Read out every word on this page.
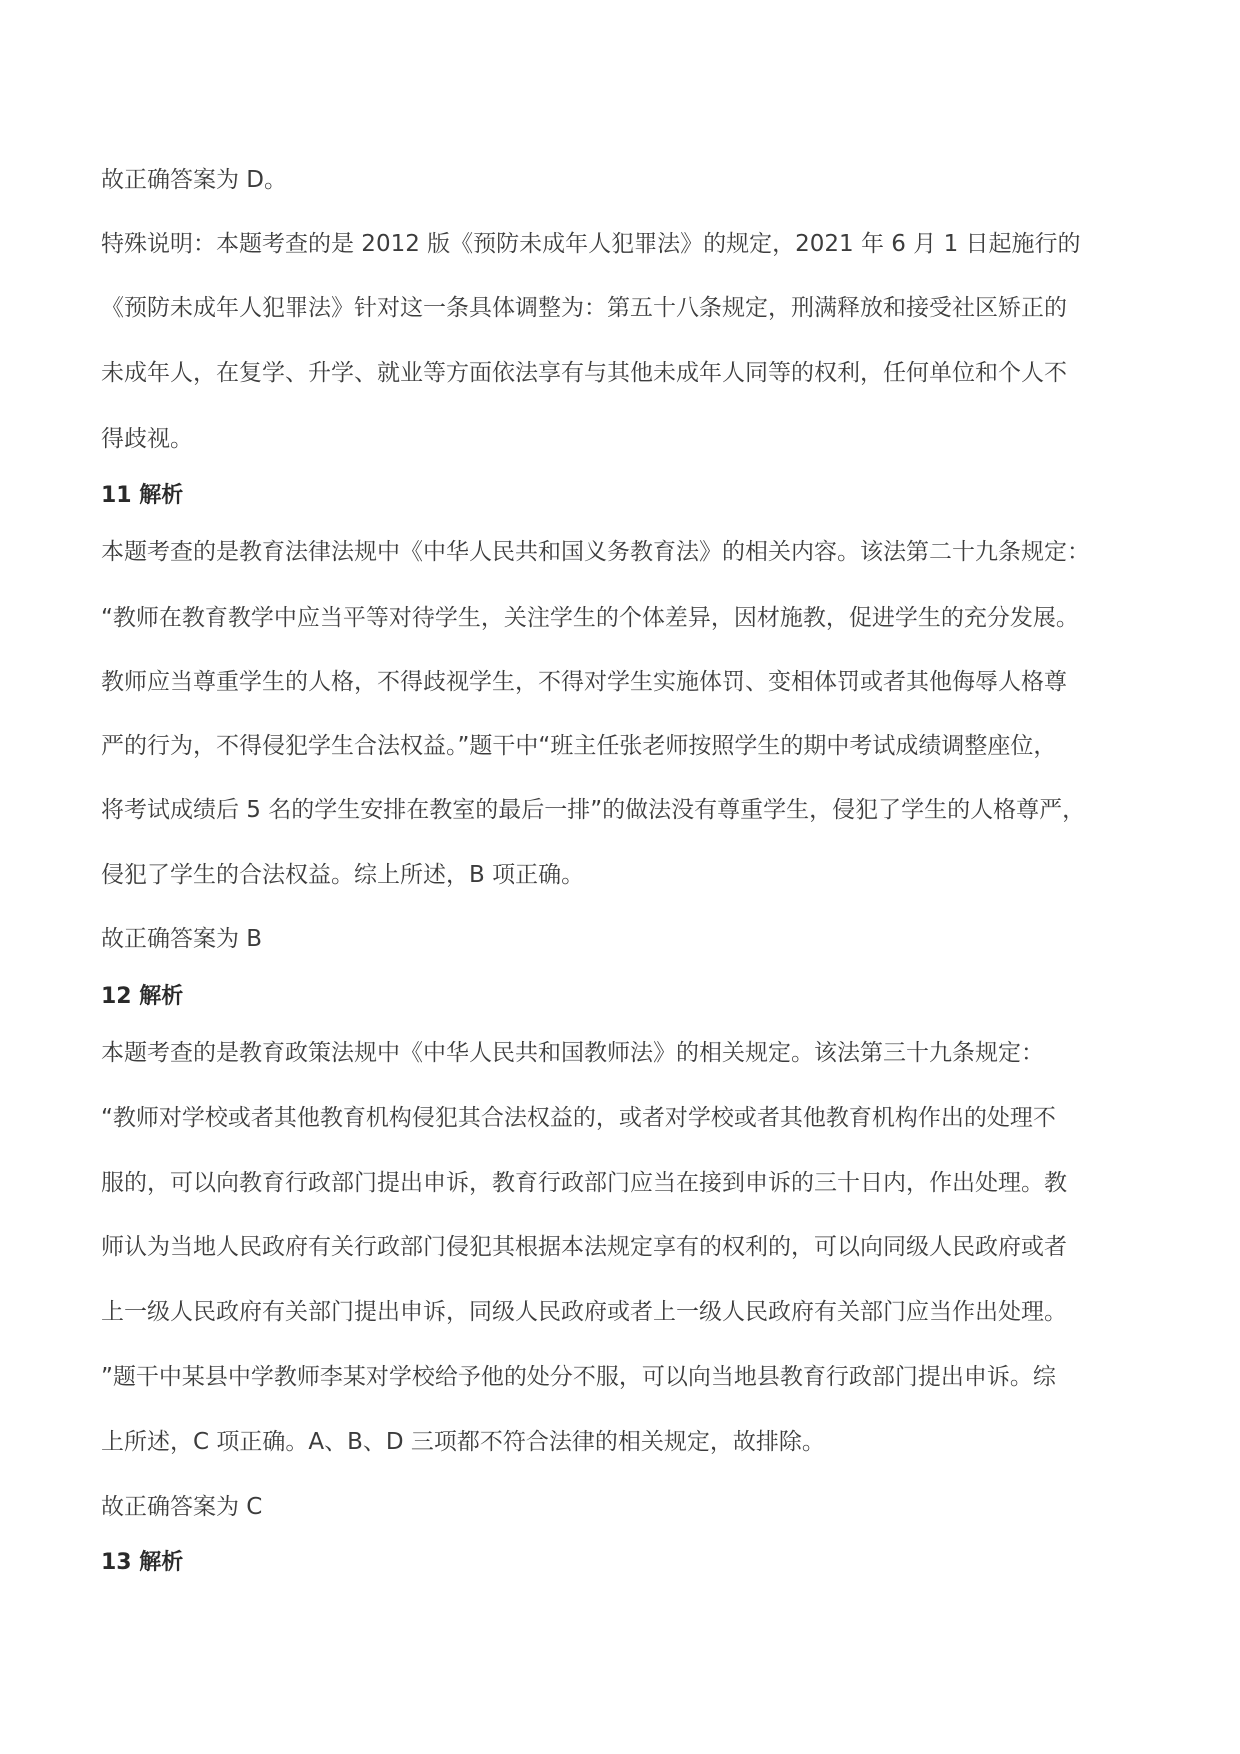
故正确答案为 D。
特殊说明：本题考查的是 2012 版《预防未成年人犯罪法》的规定，2021 年 6 月 1 日起施行的
《预防未成年人犯罪法》针对这一条具体调整为：第五十八条规定，刑满释放和接受社区矫正的
未成年人，在复学、升学、就业等方面依法享有与其他未成年人同等的权利，任何单位和个人不
得歧视。
11 解析
本题考查的是教育法律法规中《中华人民共和国义务教育法》的相关内容。该法第二十九条规定：
“教师在教育教学中应当平等对待学生，关注学生的个体差异，因材施教，促进学生的充分发展。
教师应当尊重学生的人格，不得歧视学生，不得对学生实施体罚、变相体罚或者其他侮辱人格尊
严的行为，不得侵犯学生合法权益。”题干中“班主任张老师按照学生的期中考试成绩调整座位，
将考试成绩后 5 名的学生安排在教室的最后一排”的做法没有尊重学生，侵犯了学生的人格尊严，
侵犯了学生的合法权益。综上所述，B 项正确。
故正确答案为 B
12 解析
本题考查的是教育政策法规中《中华人民共和国教师法》的相关规定。该法第三十九条规定：
“教师对学校或者其他教育机构侵犯其合法权益的，或者对学校或者其他教育机构作出的处理不
服的，可以向教育行政部门提出申诉，教育行政部门应当在接到申诉的三十日内，作出处理。教
师认为当地人民政府有关行政部门侵犯其根据本法规定享有的权利的，可以向同级人民政府或者
上一级人民政府有关部门提出申诉，同级人民政府或者上一级人民政府有关部门应当作出处理。
”题干中某县中学教师李某对学校给予他的处分不服，可以向当地县教育行政部门提出申诉。综
上所述，C 项正确。A、B、D 三项都不符合法律的相关规定，故排除。
故正确答案为 C
13 解析
